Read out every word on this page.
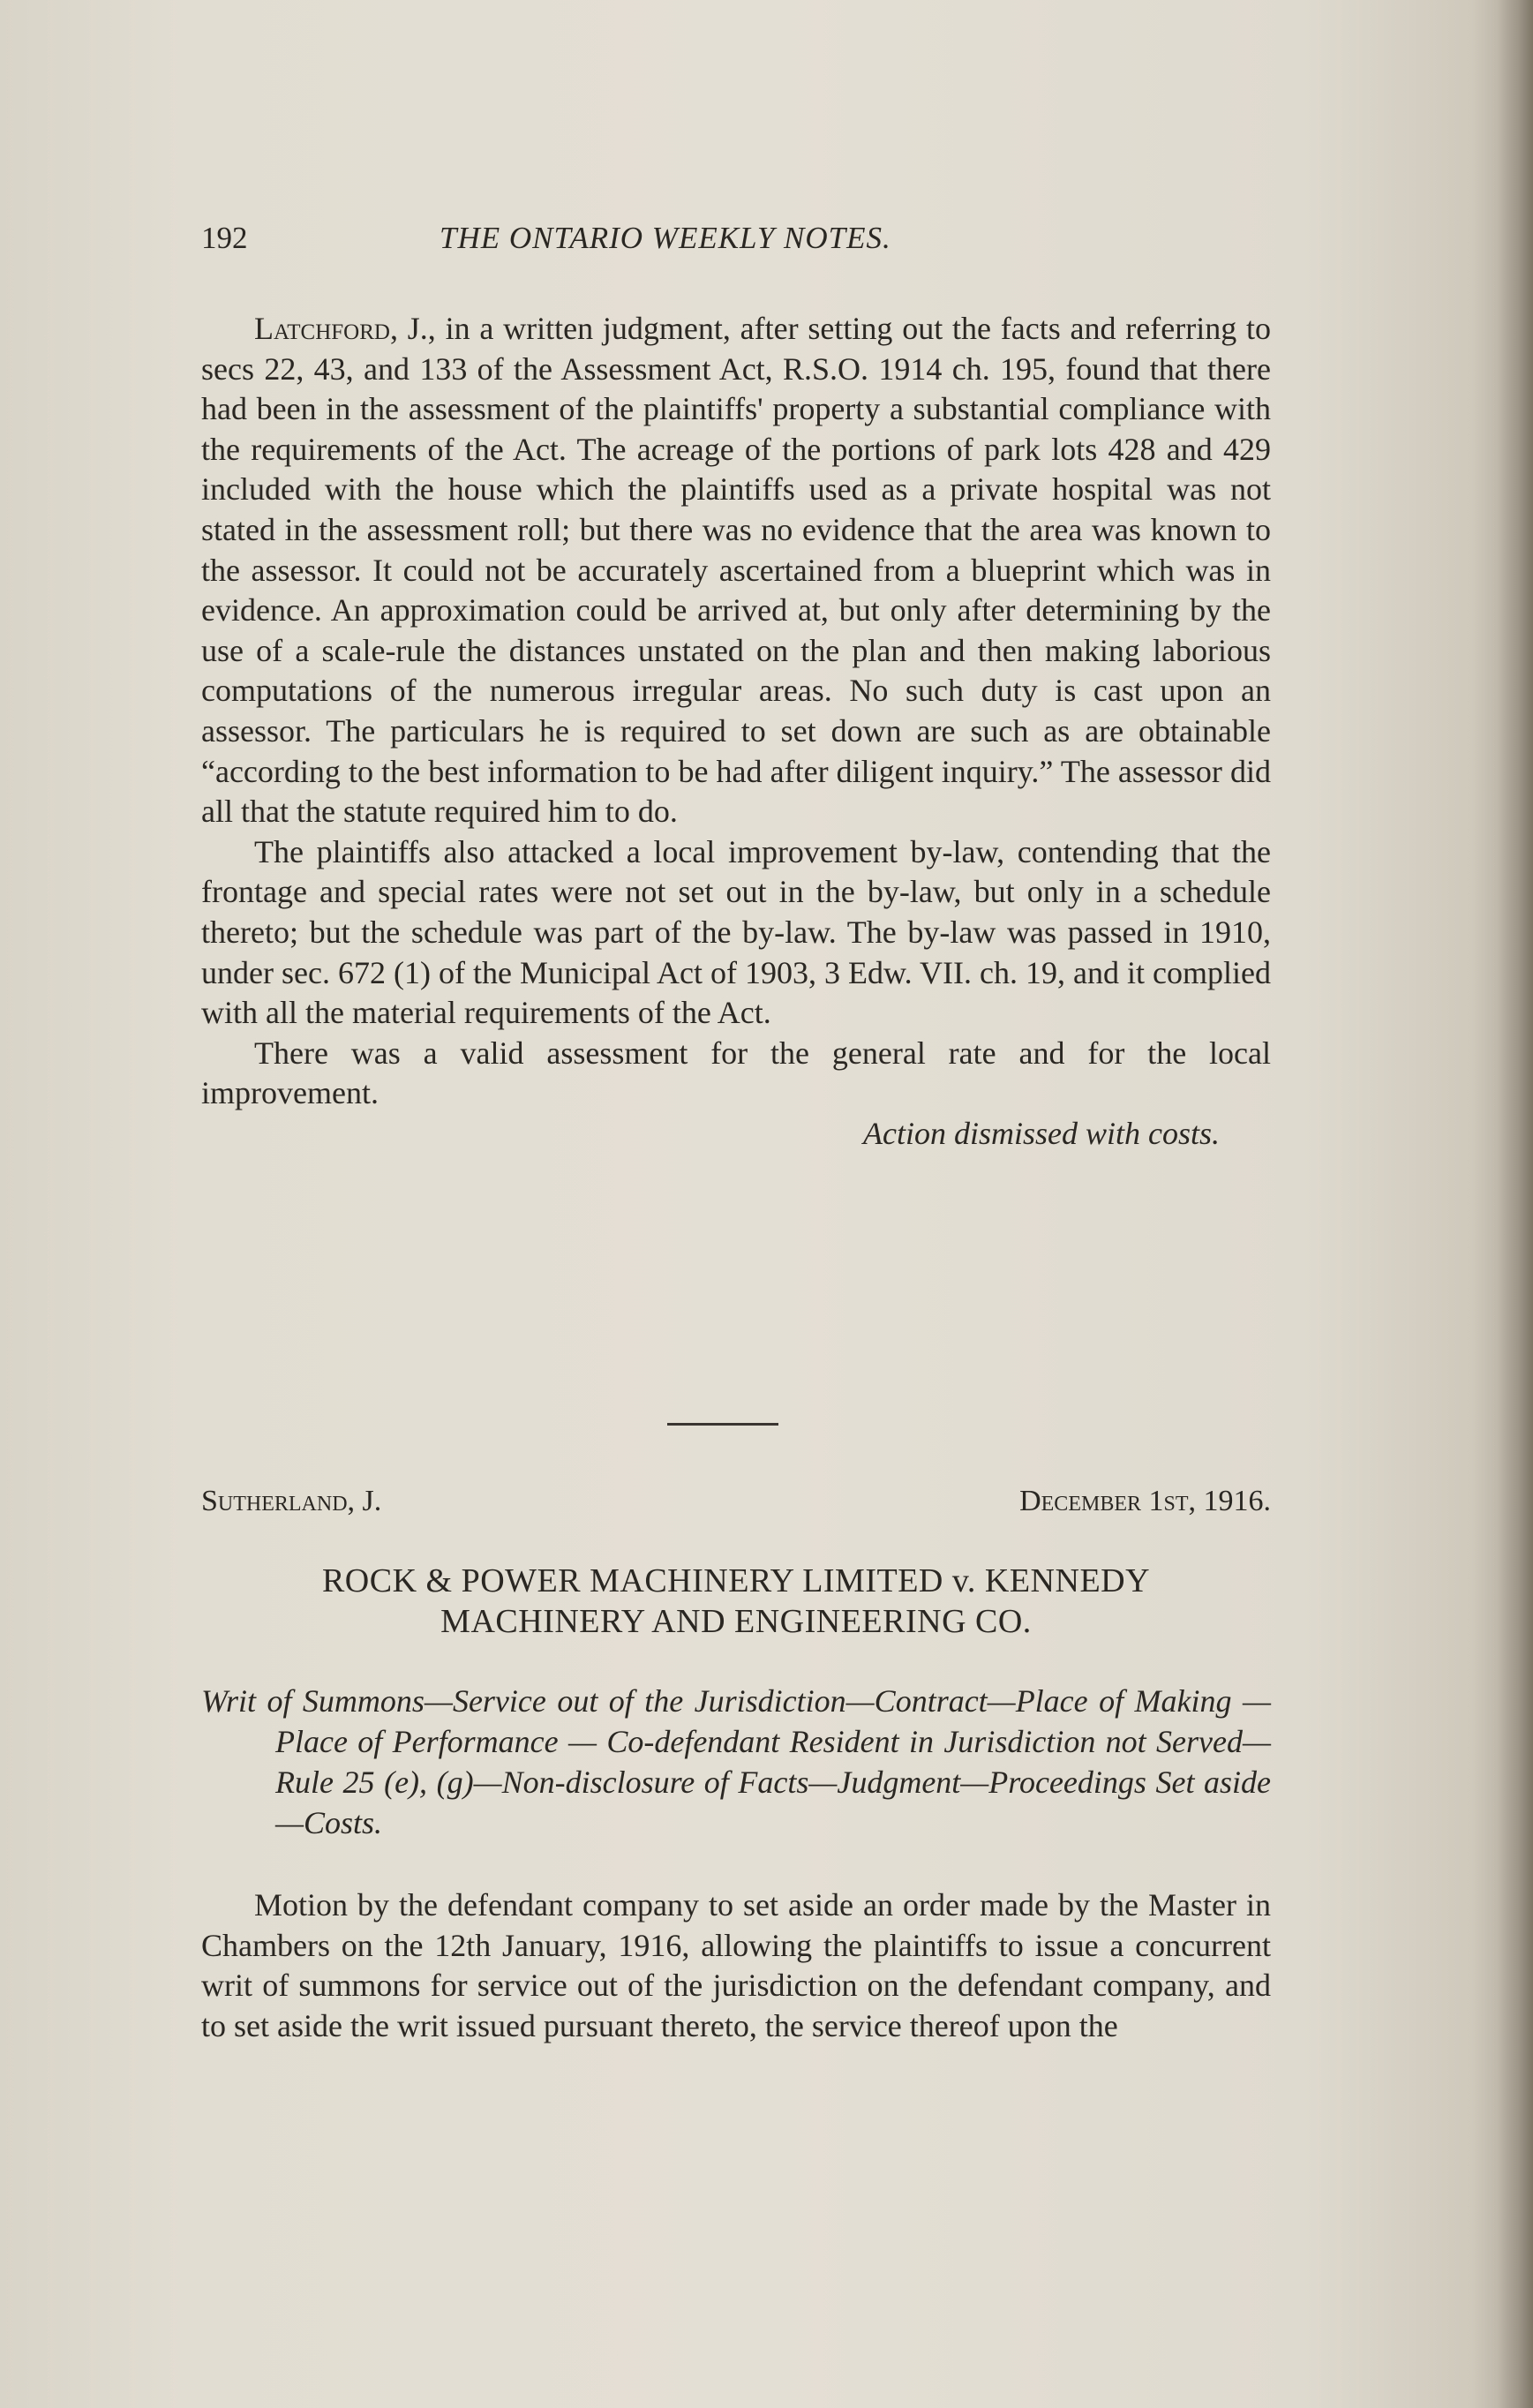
192	THE ONTARIO WEEKLY NOTES.

Latchford, J., in a written judgment, after setting out the facts and referring to secs 22, 43, and 133 of the Assessment Act, R.S.O. 1914 ch. 195, found that there had been in the assessment of the plaintiffs' property a substantial compliance with the requirements of the Act. The acreage of the portions of park lots 428 and 429 included with the house which the plaintiffs used as a private hospital was not stated in the assessment roll; but there was no evidence that the area was known to the assessor. It could not be accurately ascertained from a blueprint which was in evidence. An approximation could be arrived at, but only after determining by the use of a scale-rule the distances unstated on the plan and then making laborious computations of the numerous irregular areas. No such duty is cast upon an assessor. The particulars he is required to set down are such as are obtainable “according to the best information to be had after diligent inquiry.” The assessor did all that the statute required him to do.

The plaintiffs also attacked a local improvement by-law, contending that the frontage and special rates were not set out in the by-law, but only in a schedule thereto; but the schedule was part of the by-law. The by-law was passed in 1910, under sec. 672 (1) of the Municipal Act of 1903, 3 Edw. VII. ch. 19, and it complied with all the material requirements of the Act.

There was a valid assessment for the general rate and for the local improvement.

Action dismissed with costs.

Sutherland, J.	December 1st, 1916.
ROCK & POWER MACHINERY LIMITED v. KENNEDY
MACHINERY AND ENGINEERING CO.
Writ of Summons—Service out of the Jurisdiction—Contract—Place of Making — Place of Performance — Co-defendant Resident in Jurisdiction not Served—Rule 25 (e), (g)—Non-disclosure of Facts—Judgment—Proceedings Set aside—Costs.

Motion by the defendant company to set aside an order made by the Master in Chambers on the 12th January, 1916, allowing the plaintiffs to issue a concurrent writ of summons for service out of the jurisdiction on the defendant company, and to set aside the writ issued pursuant thereto, the service thereof upon the
